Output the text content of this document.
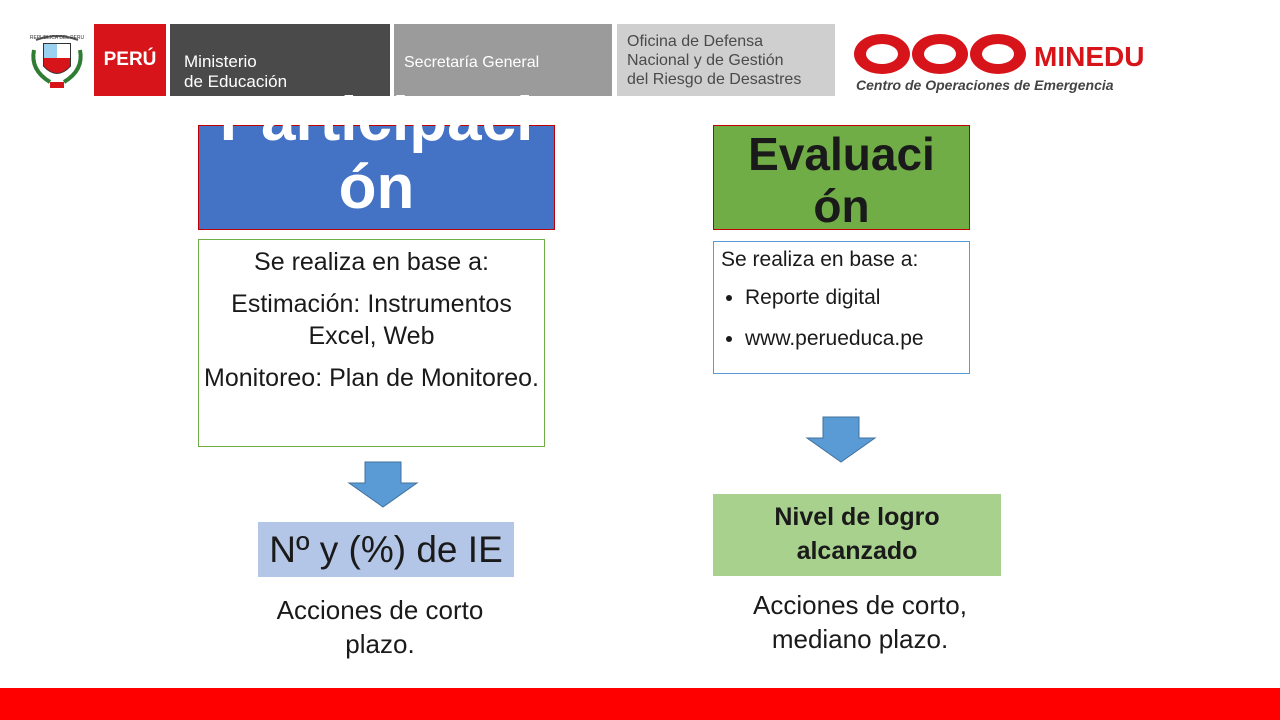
REPUBLICA DEL PERU
PERÚ Ministerio
de Educación
Secretaría General
Oficina de Defensa
Nacional y de Gestión
del Riesgo de Desastres
MINEDU
Centro de Operaciones de Emergencia
Participaci
ón	Evaluaci
ón

Se realiza en base a:

Estimación: Instrumentos Excel, Web

Monitoreo: Plan de Monitoreo.

Se realiza en base a:

• Reporte digital
• www.perueduca.pe
Nº y (%) de IE
Nivel de logro alcanzado
Acciones de corto plazo.
Acciones de corto, mediano plazo.
